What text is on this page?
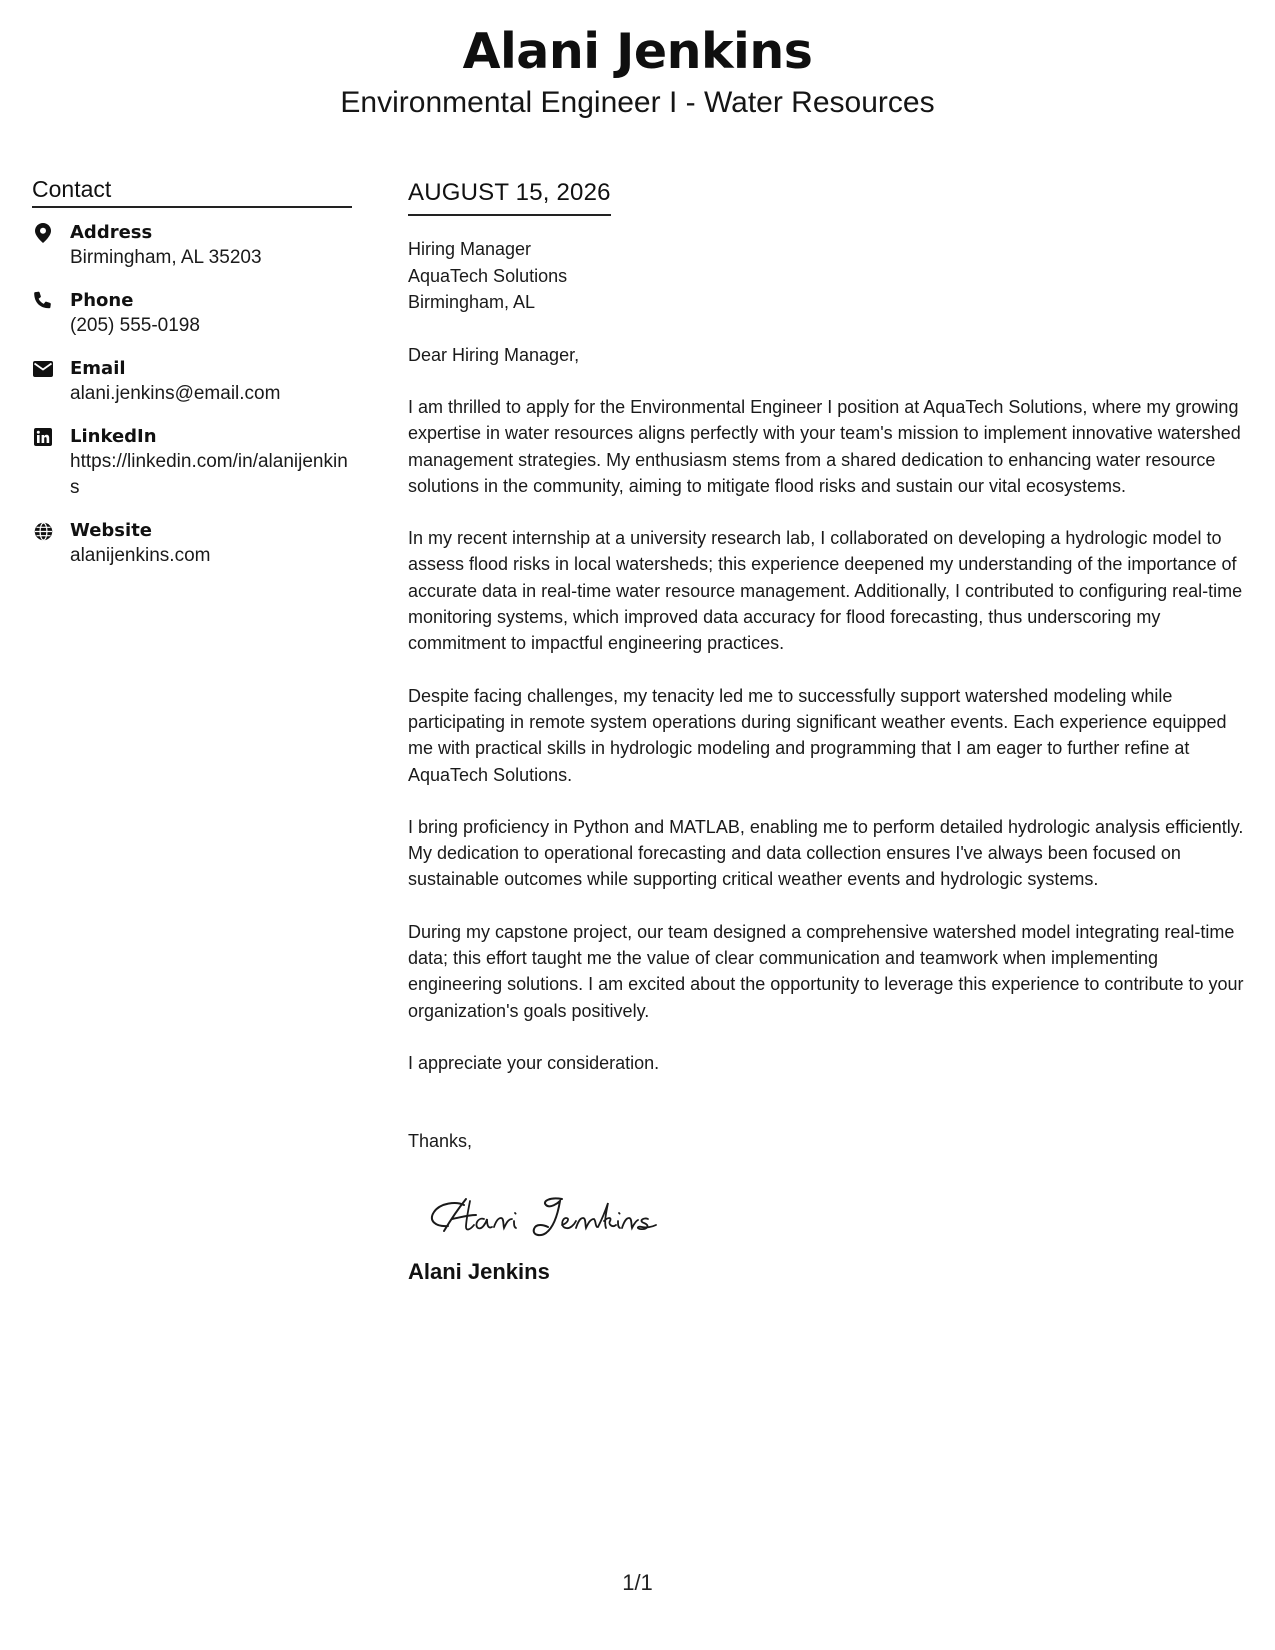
Alani Jenkins
Environmental Engineer I - Water Resources
Contact
Address
Birmingham, AL 35203
Phone
(205) 555-0198
Email
alani.jenkins@email.com
LinkedIn
https://linkedin.com/in/alanijenkins
Website
alanijenkins.com
AUGUST 15, 2026
Hiring Manager
AquaTech Solutions
Birmingham, AL
Dear Hiring Manager,
I am thrilled to apply for the Environmental Engineer I position at AquaTech Solutions, where my growing expertise in water resources aligns perfectly with your team's mission to implement innovative watershed management strategies. My enthusiasm stems from a shared dedication to enhancing water resource solutions in the community, aiming to mitigate flood risks and sustain our vital ecosystems.
In my recent internship at a university research lab, I collaborated on developing a hydrologic model to assess flood risks in local watersheds; this experience deepened my understanding of the importance of accurate data in real-time water resource management. Additionally, I contributed to configuring real-time monitoring systems, which improved data accuracy for flood forecasting, thus underscoring my commitment to impactful engineering practices.
Despite facing challenges, my tenacity led me to successfully support watershed modeling while participating in remote system operations during significant weather events. Each experience equipped me with practical skills in hydrologic modeling and programming that I am eager to further refine at AquaTech Solutions.
I bring proficiency in Python and MATLAB, enabling me to perform detailed hydrologic analysis efficiently. My dedication to operational forecasting and data collection ensures I've always been focused on sustainable outcomes while supporting critical weather events and hydrologic systems.
During my capstone project, our team designed a comprehensive watershed model integrating real-time data; this effort taught me the value of clear communication and teamwork when implementing engineering solutions. I am excited about the opportunity to leverage this experience to contribute to your organization's goals positively.
I appreciate your consideration.
Thanks,
Alani Jenkins
1/1
